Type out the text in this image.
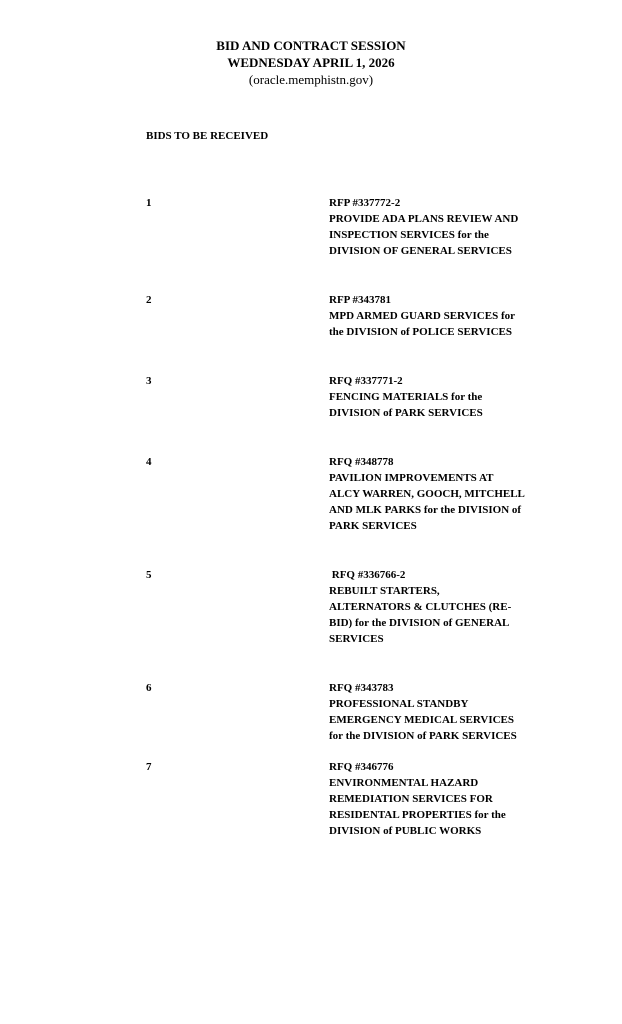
BID AND CONTRACT SESSION
WEDNESDAY APRIL 1, 2026
(oracle.memphistn.gov)
BIDS TO BE RECEIVED
1	RFP #337772-2
PROVIDE ADA PLANS REVIEW AND
INSPECTION SERVICES for the
DIVISION OF GENERAL SERVICES
2	RFP #343781
MPD ARMED GUARD SERVICES for
the DIVISION of POLICE SERVICES
3	RFQ #337771-2
FENCING MATERIALS for the
DIVISION of PARK SERVICES
4	RFQ #348778
PAVILION IMPROVEMENTS AT
ALCY WARREN, GOOCH, MITCHELL
AND MLK PARKS for the DIVISION of
PARK SERVICES
5	RFQ #336766-2
REBUILT STARTERS,
ALTERNATORS & CLUTCHES (RE-
BID) for the DIVISION of GENERAL
SERVICES
6	RFQ #343783
PROFESSIONAL STANDBY
EMERGENCY MEDICAL SERVICES
for the DIVISION of PARK SERVICES
7	RFQ #346776
ENVIRONMENTAL HAZARD
REMEDIATION SERVICES FOR
RESIDENTAL PROPERTIES for the
DIVISION of PUBLIC WORKS
